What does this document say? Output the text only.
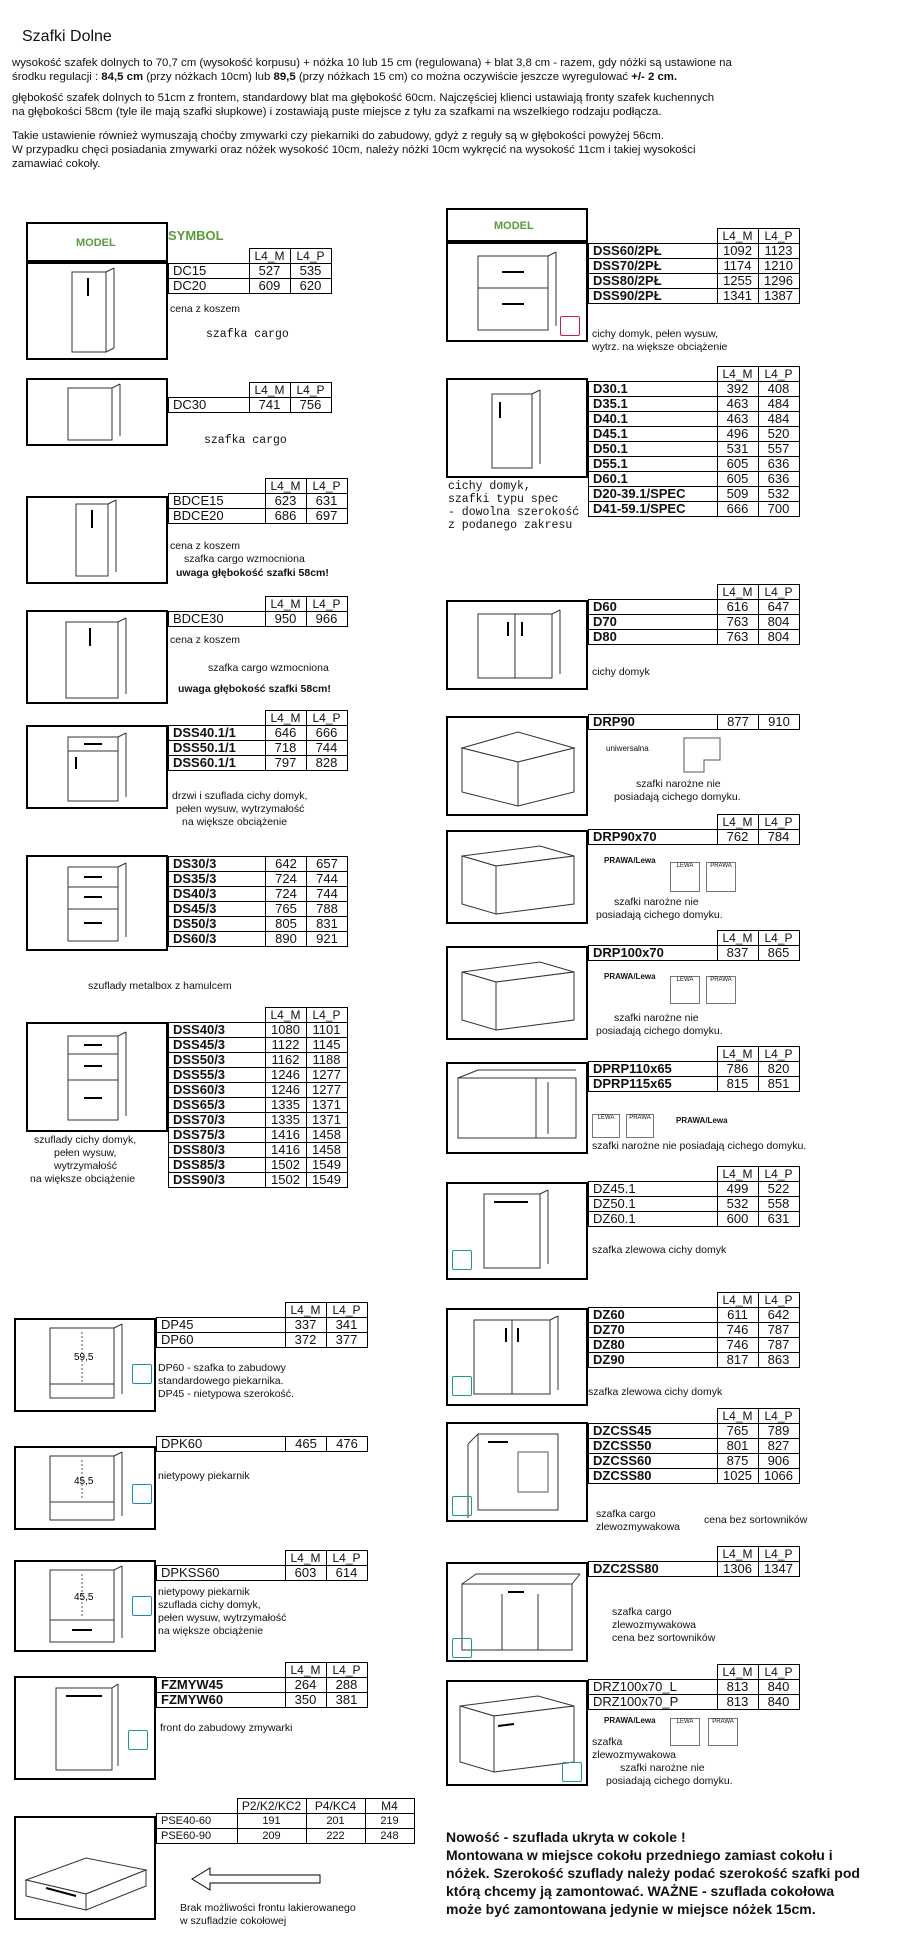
Szafki Dolne

wysokość szafek dolnych to 70,7 cm (wysokość korpusu) + nóżka 10 lub 15 cm (regulowana) + blat 3,8 cm - razem, gdy nóżki są ustawione na
środku regulacji : 84,5 cm (przy nóżkach 10cm) lub 89,5 (przy nóżkach 15 cm) co można oczywiście jeszcze wyregulować +/- 2 cm.

głębokość szafek dolnych to 51cm z frontem, standardowy blat ma głębokość 60cm. Najczęściej klienci ustawiają fronty szafek kuchennych
na głębokości 58cm (tyle ile mają szafki słupkowe) i zostawiają puste miejsce z tyłu za szafkami na wszelkiego rodzaju podłącza.

Takie ustawienie również wymuszają choćby zmywarki czy piekarniki do zabudowy, gdyż z reguły są w głębokości powyżej 56cm.
W przypadku chęci posiadania zmywarki oraz nóżek wysokość 10cm, należy nóżki 10cm wykręcić na wysokość 11cm i takiej wysokości
zamawiać cokoły.

MODEL	SYMBOL
	L4_M	L4_P
DC15	527	535
DC20	609	620
cena z koszem
szafka cargo
	L4_M	L4_P
DC30	741	756
szafka cargo
	L4_M	L4_P
BDCE15	623	631
BDCE20	686	697
cena z koszem
szafka cargo wzmocniona
uwaga głębokość szafki 58cm!
	L4_M	L4_P
BDCE30	950	966
cena z koszem
szafka cargo wzmocniona
uwaga głębokość szafki 58cm!
	L4_M	L4_P
DSS40.1/1	646	666
DSS50.1/1	718	744
DSS60.1/1	797	828
drzwi i szuflada cichy domyk,
pełen wysuw, wytrzymałość
na większe obciążenie
DS30/3	642	657
DS35/3	724	744
DS40/3	724	744
DS45/3	765	788
DS50/3	805	831
DS60/3	890	921
szuflady metalbox z hamulcem
	L4_M	L4_P
DSS40/3	1080	1101
DSS45/3	1122	1145
DSS50/3	1162	1188
DSS55/3	1246	1277
DSS60/3	1246	1277
DSS65/3	1335	1371
DSS70/3	1335	1371
DSS75/3	1416	1458
DSS80/3	1416	1458
DSS85/3	1502	1549
DSS90/3	1502	1549
szuflady cichy domyk,
pełen wysuw,
wytrzymałość
na większe obciążenie
59,5
	L4_M	L4_P
DP45	337	341
DP60	372	377
DP60 - szafka to zabudowy
standardowego piekarnika.
DP45 - nietypowa szerokość.
45,5
DPK60	465	476
nietypowy piekarnik
45,5
	L4_M	L4_P
DPKSS60	603	614
nietypowy piekarnik
szuflada cichy domyk,
pełen wysuw, wytrzymałość
na większe obciążenie
	L4_M	L4_P
FZMYW45	264	288
FZMYW60	350	381
front do zabudowy zmywarki
	P2/K2/KC2	P4/KC4	M4
PSE40-60	191	201	219
PSE60-90	209	222	248
Brak możliwości frontu lakierowanego
w szufladzie cokołowej
MODEL
	L4_M	L4_P
DSS60/2PŁ	1092	1123
DSS70/2PŁ	1174	1210
DSS80/2PŁ	1255	1296
DSS90/2PŁ	1341	1387
cichy domyk, pełen wysuw,
wytrz. na większe obciążenie
	L4_M	L4_P
D30.1	392	408
D35.1	463	484
D40.1	463	484
D45.1	496	520
D50.1	531	557
D55.1	605	636
D60.1	605	636
D20-39.1/SPEC	509	532
D41-59.1/SPEC	666	700
cichy domyk,
szafki typu spec
- dowolna szerokość
z podanego zakresu
	L4_M	L4_P
D60	616	647
D70	763	804
D80	763	804
cichy domyk
DRP90	877	910
uniwersalna
szafki narożne nie
posiadają cichego domyku.
	L4_M	L4_P
DRP90x70	762	784
PRAWA/Lewa
LEWA	PRAWA
szafki narożne nie
posiadają cichego domyku.
	L4_M	L4_P
DRP100x70	837	865
PRAWA/Lewa	LEWA	PRAWA
szafki narożne nie
posiadają cichego domyku.
	L4_M	L4_P
DPRP110x65	786	820
DPRP115x65	815	851
LEWA	PRAWA	PRAWA/Lewa
szafki narożne nie posiadają cichego domyku.
	L4_M	L4_P
DZ45.1	499	522
DZ50.1	532	558
DZ60.1	600	631
szafka zlewowa cichy domyk
	L4_M	L4_P
DZ60	611	642
DZ70	746	787
DZ80	746	787
DZ90	817	863
szafka zlewowa cichy domyk
	L4_M	L4_P
DZCSS45	765	789
DZCSS50	801	827
DZCSS60	875	906
DZCSS80	1025	1066
szafka cargo
zlewozmywakowa
cena bez sortowników
	L4_M	L4_P
DZC2SS80	1306	1347
szafka cargo
zlewozmywakowa
cena bez sortowników
	L4_M	L4_P
DRZ100x70_L	813	840
DRZ100x70_P	813	840
PRAWA/Lewa	LEWA	PRAWA
szafka
zlewozmywakowa
szafki narożne nie
posiadają cichego domyku.

Nowość - szuflada ukryta w cokole !

Montowana w miejsce cokołu przedniego zamiast cokołu i

nóżek. Szerokość szuflady należy podać szerokość szafki pod

którą chcemy ją zamontować. WAŻNE - szuflada cokołowa

może być zamontowana jedynie w miejsce nóżek 15cm.
